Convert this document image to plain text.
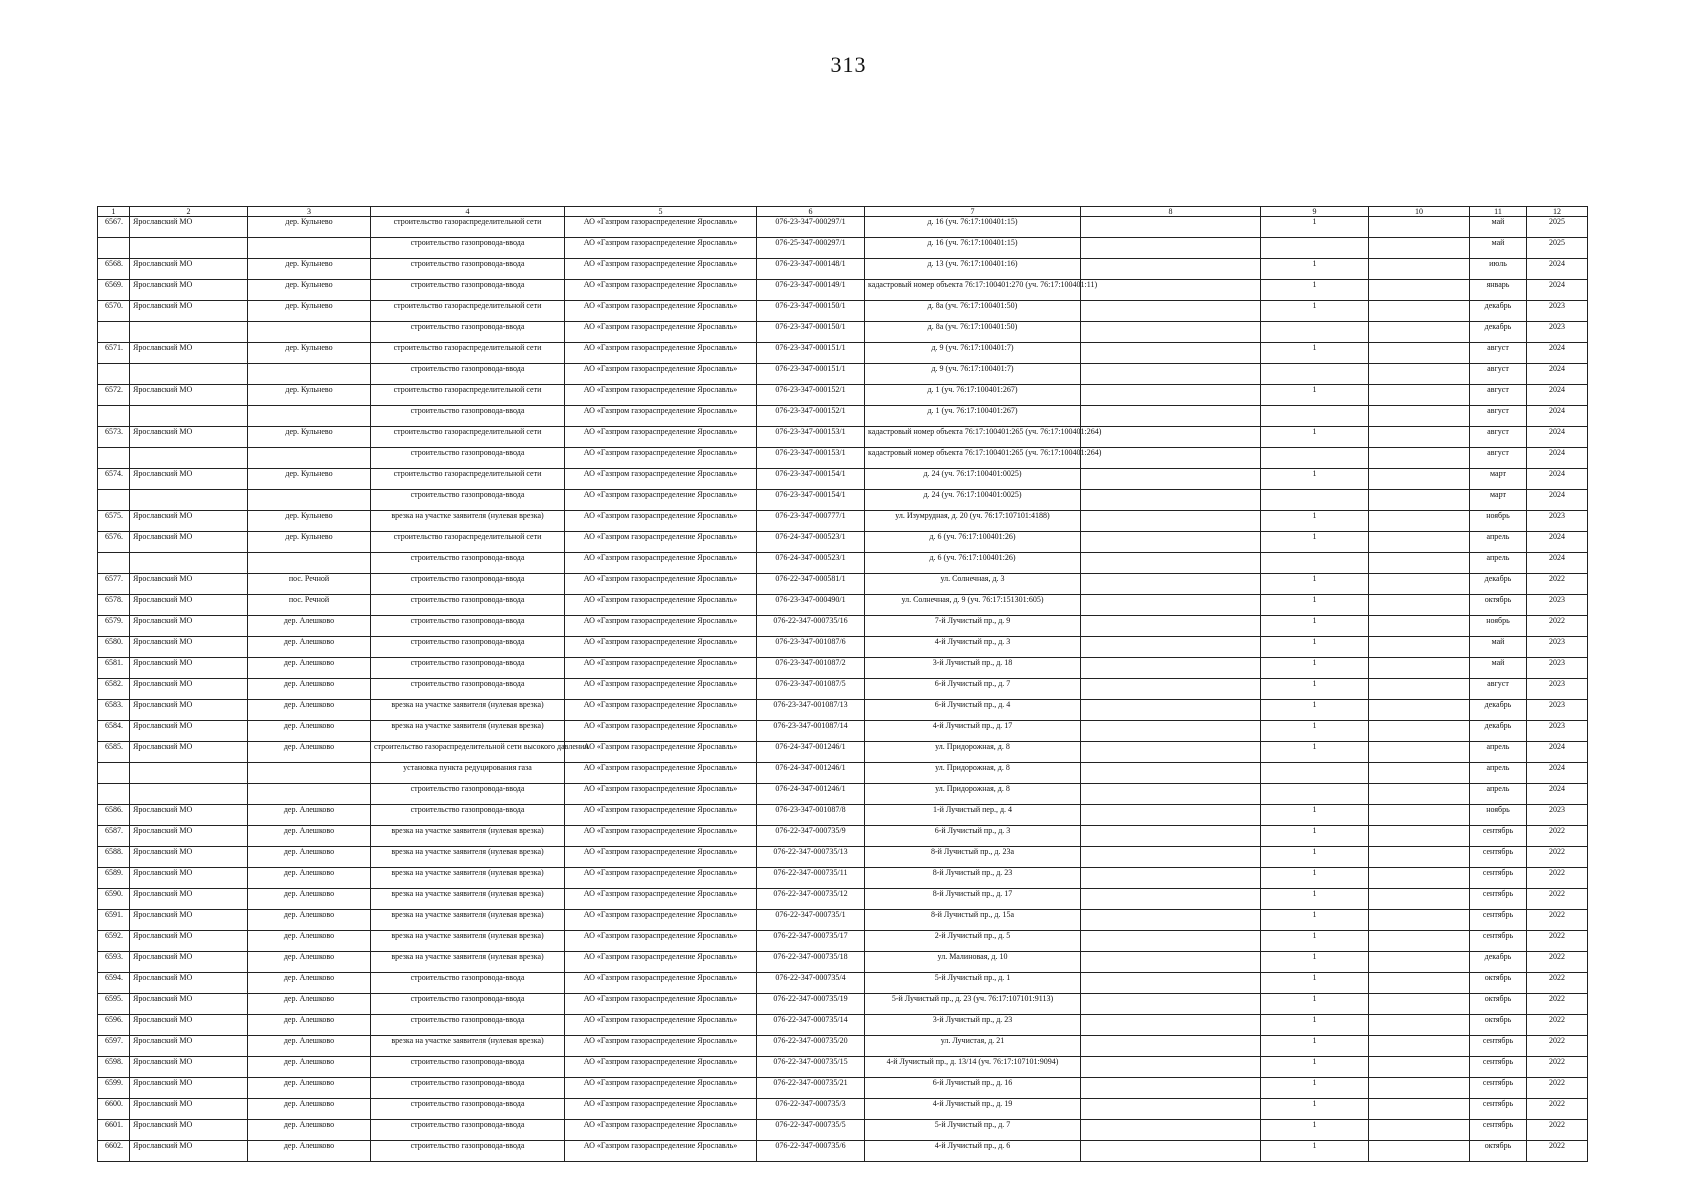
313
1	2	3	4	5	6	7	8	9	10	11	12
6567.	Ярославский МО	дер. Кульнево	строительство газораспределительной сети	АО «Газпром газораспределение Ярославль»	076-23-347-000297/1	д. 16 (уч. 76:17:100401:15)		1		май	2025
			строительство газопровода-ввода	АО «Газпром газораспределение Ярославль»	076-25-347-000297/1	д. 16 (уч. 76:17:100401:15)				май	2025
6568.	Ярославский МО	дер. Кульнево	строительство газопровода-ввода	АО «Газпром газораспределение Ярославль»	076-23-347-000148/1	д. 13 (уч. 76:17:100401:16)		1		июль	2024
6569.	Ярославский МО	дер. Кульнево	строительство газопровода-ввода	АО «Газпром газораспределение Ярославль»	076-23-347-000149/1	кадастровый номер объекта 76:17:100401:270 (уч. 76:17:100401:11)		1		январь	2024
6570.	Ярославский МО	дер. Кульнево	строительство газораспределительной сети	АО «Газпром газораспределение Ярославль»	076-23-347-000150/1	д. 8а (уч. 76:17:100401:50)		1		декабрь	2023
			строительство газопровода-ввода	АО «Газпром газораспределение Ярославль»	076-23-347-000150/1	д. 8а (уч. 76:17:100401:50)				декабрь	2023
6571.	Ярославский МО	дер. Кульнево	строительство газораспределительной сети	АО «Газпром газораспределение Ярославль»	076-23-347-000151/1	д. 9 (уч. 76:17:100401:7)		1		август	2024
			строительство газопровода-ввода	АО «Газпром газораспределение Ярославль»	076-23-347-000151/1	д. 9 (уч. 76:17:100401:7)				август	2024
6572.	Ярославский МО	дер. Кульнево	строительство газораспределительной сети	АО «Газпром газораспределение Ярославль»	076-23-347-000152/1	д. 1 (уч. 76:17:100401:267)		1		август	2024
			строительство газопровода-ввода	АО «Газпром газораспределение Ярославль»	076-23-347-000152/1	д. 1 (уч. 76:17:100401:267)				август	2024
6573.	Ярославский МО	дер. Кульнево	строительство газораспределительной сети	АО «Газпром газораспределение Ярославль»	076-23-347-000153/1	кадастровый номер объекта 76:17:100401:265 (уч. 76:17:100401:264)		1		август	2024
			строительство газопровода-ввода	АО «Газпром газораспределение Ярославль»	076-23-347-000153/1	кадастровый номер объекта 76:17:100401:265 (уч. 76:17:100401:264)				август	2024
6574.	Ярославский МО	дер. Кульнево	строительство газораспределительной сети	АО «Газпром газораспределение Ярославль»	076-23-347-000154/1	д. 24 (уч. 76:17:100401:0025)		1		март	2024
			строительство газопровода-ввода	АО «Газпром газораспределение Ярославль»	076-23-347-000154/1	д. 24 (уч. 76:17:100401:0025)				март	2024
6575.	Ярославский МО	дер. Кульнево	врезка на участке заявителя (нулевая врезка)	АО «Газпром газораспределение Ярославль»	076-23-347-000777/1	ул. Изумрудная, д. 20 (уч. 76:17:107101:4188)		1		ноябрь	2023
6576.	Ярославский МО	дер. Кульнево	строительство газораспределительной сети	АО «Газпром газораспределение Ярославль»	076-24-347-000523/1	д. 6 (уч. 76:17:100401:26)		1		апрель	2024
			строительство газопровода-ввода	АО «Газпром газораспределение Ярославль»	076-24-347-000523/1	д. 6 (уч. 76:17:100401:26)				апрель	2024
6577.	Ярославский МО	пос. Речной	строительство газопровода-ввода	АО «Газпром газораспределение Ярославль»	076-22-347-000581/1	ул. Солнечная, д. 3		1		декабрь	2022
6578.	Ярославский МО	пос. Речной	строительство газопровода-ввода	АО «Газпром газораспределение Ярославль»	076-23-347-000490/1	ул. Солнечная, д. 9 (уч. 76:17:151301:605)		1		октябрь	2023
6579.	Ярославский МО	дер. Алешково	строительство газопровода-ввода	АО «Газпром газораспределение Ярославль»	076-22-347-000735/16	7-й Лучистый пр., д. 9		1		ноябрь	2022
6580.	Ярославский МО	дер. Алешково	строительство газопровода-ввода	АО «Газпром газораспределение Ярославль»	076-23-347-001087/6	4-й Лучистый пр., д. 3		1		май	2023
6581.	Ярославский МО	дер. Алешково	строительство газопровода-ввода	АО «Газпром газораспределение Ярославль»	076-23-347-001087/2	3-й Лучистый пр., д. 18		1		май	2023
6582.	Ярославский МО	дер. Алешково	строительство газопровода-ввода	АО «Газпром газораспределение Ярославль»	076-23-347-001087/5	6-й Лучистый пр., д. 7		1		август	2023
6583.	Ярославский МО	дер. Алешково	врезка на участке заявителя (нулевая врезка)	АО «Газпром газораспределение Ярославль»	076-23-347-001087/13	6-й Лучистый пр., д. 4		1		декабрь	2023
6584.	Ярославский МО	дер. Алешково	врезка на участке заявителя (нулевая врезка)	АО «Газпром газораспределение Ярославль»	076-23-347-001087/14	4-й Лучистый пр., д. 17		1		декабрь	2023
6585.	Ярославский МО	дер. Алешково	строительство газораспределительной сети высокого давления	АО «Газпром газораспределение Ярославль»	076-24-347-001246/1	ул. Придорожная, д. 8		1		апрель	2024
			установка пункта редуцирования газа	АО «Газпром газораспределение Ярославль»	076-24-347-001246/1	ул. Придорожная, д. 8				апрель	2024
			строительство газопровода-ввода	АО «Газпром газораспределение Ярославль»	076-24-347-001246/1	ул. Придорожная, д. 8				апрель	2024
6586.	Ярославский МО	дер. Алешково	строительство газопровода-ввода	АО «Газпром газораспределение Ярославль»	076-23-347-001087/8	1-й Лучистый пер., д. 4		1		ноябрь	2023
6587.	Ярославский МО	дер. Алешково	врезка на участке заявителя (нулевая врезка)	АО «Газпром газораспределение Ярославль»	076-22-347-000735/9	6-й Лучистый пр., д. 3		1		сентябрь	2022
6588.	Ярославский МО	дер. Алешково	врезка на участке заявителя (нулевая врезка)	АО «Газпром газораспределение Ярославль»	076-22-347-000735/13	8-й Лучистый пр., д. 23а		1		сентябрь	2022
6589.	Ярославский МО	дер. Алешково	врезка на участке заявителя (нулевая врезка)	АО «Газпром газораспределение Ярославль»	076-22-347-000735/11	8-й Лучистый пр., д. 23		1		сентябрь	2022
6590.	Ярославский МО	дер. Алешково	врезка на участке заявителя (нулевая врезка)	АО «Газпром газораспределение Ярославль»	076-22-347-000735/12	8-й Лучистый пр., д. 17		1		сентябрь	2022
6591.	Ярославский МО	дер. Алешково	врезка на участке заявителя (нулевая врезка)	АО «Газпром газораспределение Ярославль»	076-22-347-000735/1	8-й Лучистый пр., д. 15а		1		сентябрь	2022
6592.	Ярославский МО	дер. Алешково	врезка на участке заявителя (нулевая врезка)	АО «Газпром газораспределение Ярославль»	076-22-347-000735/17	2-й Лучистый пр., д. 5		1		сентябрь	2022
6593.	Ярославский МО	дер. Алешково	врезка на участке заявителя (нулевая врезка)	АО «Газпром газораспределение Ярославль»	076-22-347-000735/18	ул. Малиновая, д. 10		1		декабрь	2022
6594.	Ярославский МО	дер. Алешково	строительство газопровода-ввода	АО «Газпром газораспределение Ярославль»	076-22-347-000735/4	5-й Лучистый пр., д. 1		1		октябрь	2022
6595.	Ярославский МО	дер. Алешково	строительство газопровода-ввода	АО «Газпром газораспределение Ярославль»	076-22-347-000735/19	5-й Лучистый пр., д. 23 (уч. 76:17:107101:9113)		1		октябрь	2022
6596.	Ярославский МО	дер. Алешково	строительство газопровода-ввода	АО «Газпром газораспределение Ярославль»	076-22-347-000735/14	3-й Лучистый пр., д. 23		1		октябрь	2022
6597.	Ярославский МО	дер. Алешково	врезка на участке заявителя (нулевая врезка)	АО «Газпром газораспределение Ярославль»	076-22-347-000735/20	ул. Лучистая, д. 21		1		сентябрь	2022
6598.	Ярославский МО	дер. Алешково	строительство газопровода-ввода	АО «Газпром газораспределение Ярославль»	076-22-347-000735/15	4-й Лучистый пр., д. 13/14 (уч. 76:17:107101:9094)		1		сентябрь	2022
6599.	Ярославский МО	дер. Алешково	строительство газопровода-ввода	АО «Газпром газораспределение Ярославль»	076-22-347-000735/21	6-й Лучистый пр., д. 16		1		сентябрь	2022
6600.	Ярославский МО	дер. Алешково	строительство газопровода-ввода	АО «Газпром газораспределение Ярославль»	076-22-347-000735/3	4-й Лучистый пр., д. 19		1		сентябрь	2022
6601.	Ярославский МО	дер. Алешково	строительство газопровода-ввода	АО «Газпром газораспределение Ярославль»	076-22-347-000735/5	5-й Лучистый пр., д. 7		1		сентябрь	2022
6602.	Ярославский МО	дер. Алешково	строительство газопровода-ввода	АО «Газпром газораспределение Ярославль»	076-22-347-000735/6	4-й Лучистый пр., д. 6		1		октябрь	2022
